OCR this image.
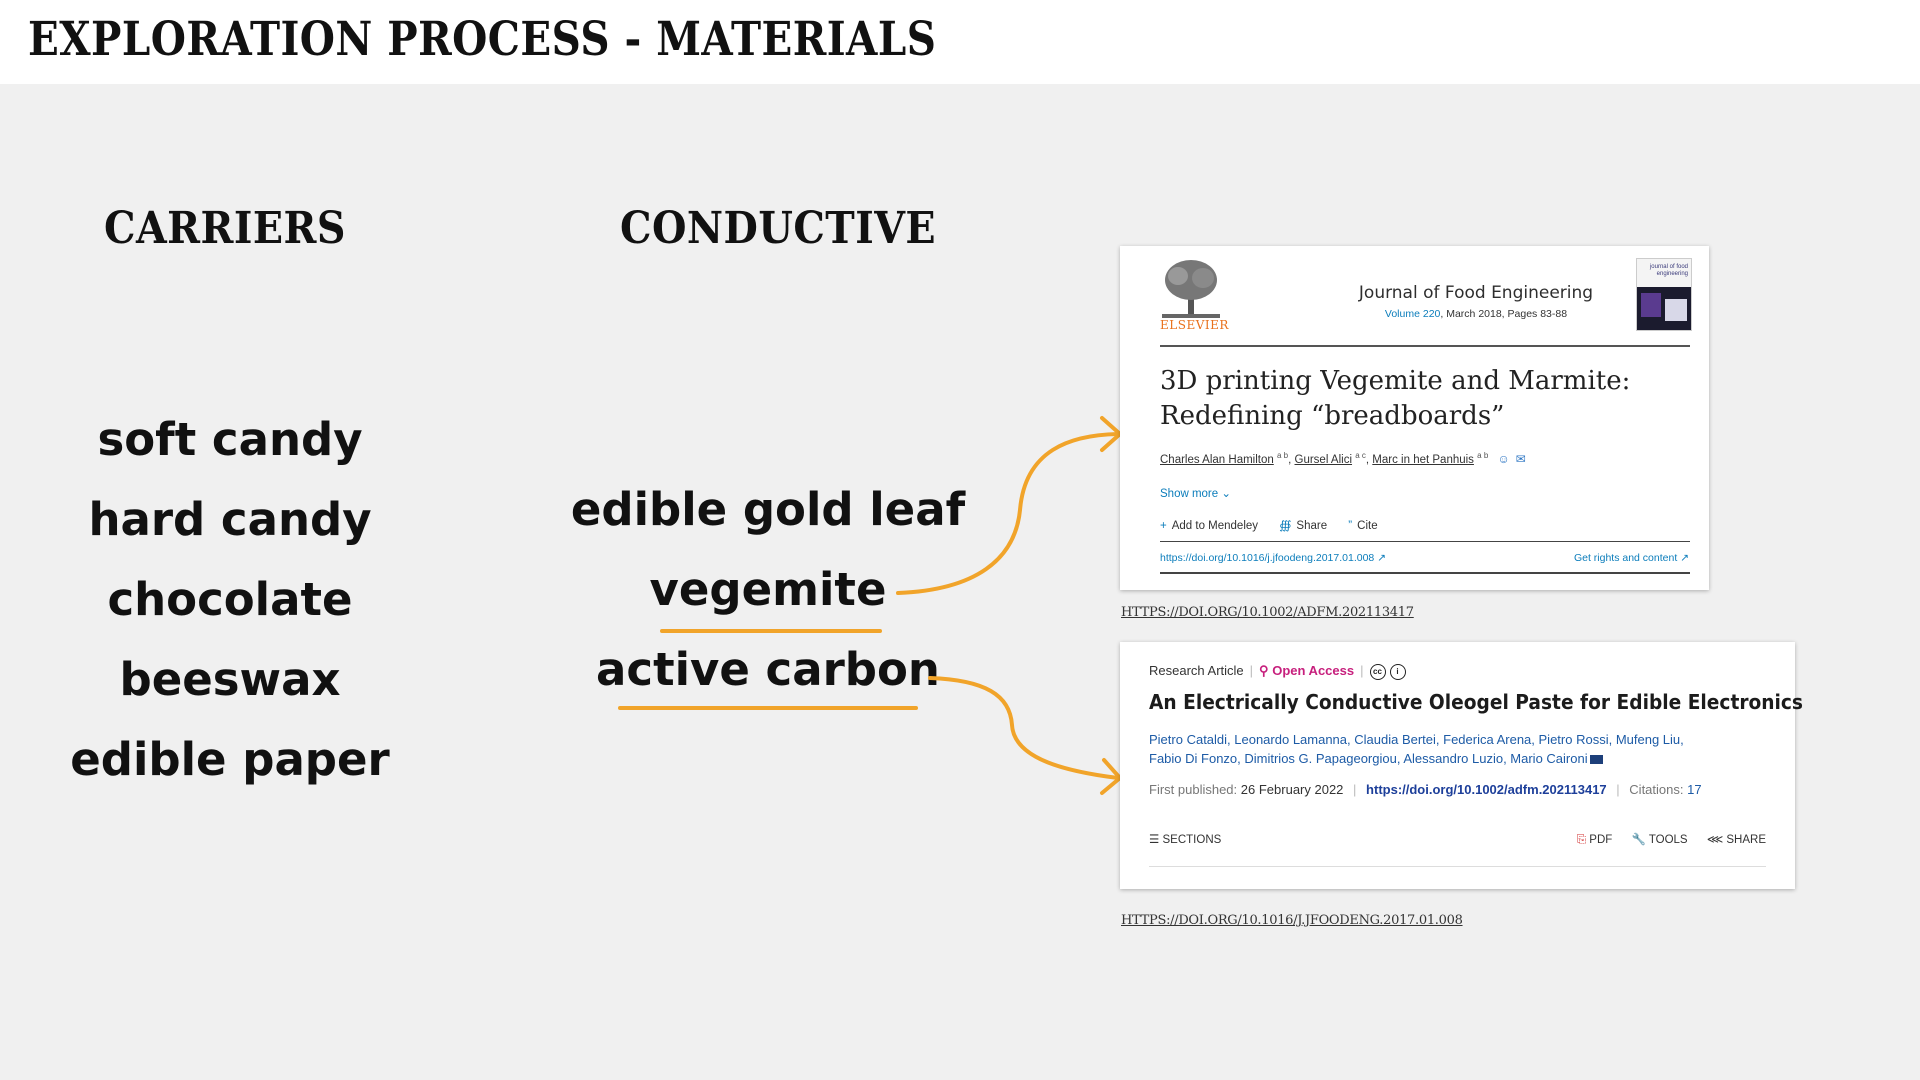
EXPLORATION PROCESS - MATERIALS
CARRIERS	CONDUCTIVE
soft candy
hard candy
chocolate
beeswax
edible paper
edible gold leaf
vegemite
active carbon
ELSEVIER
Journal of Food Engineering
Volume 220, March 2018, Pages 83-88
journal of food engineering
3D printing Vegemite and Marmite: Redefining “breadboards”
Charles Alan Hamilton $^{a b}$, Gursel Alici $^{a c}$, Marc in het Panhuis $^{a b}$ ☺ ✉
Show more ⌄
+ Add to Mendeley ∰ Share ” Cite
https://doi.org/10.1016/j.jfoodeng.2017.01.008 ↗	Get rights and content ↗
HTTPS://DOI.ORG/10.1002/ADFM.202113417
Research Article | ⚲ Open Access | cc i
An Electrically Conductive Oleogel Paste for Edible Electronics
Pietro Cataldi, Leonardo Lamanna, Claudia Bertei, Federica Arena, Pietro Rossi, Mufeng Liu,
Fabio Di Fonzo, Dimitrios G. Papageorgiou, Alessandro Luzio, Mario Caironi
First published: 26 February 2022 | https://doi.org/10.1002/adfm.202113417 | Citations: 17
☰ SECTIONS	⎘ PDF 🔧 TOOLS ⋘ SHARE
HTTPS://DOI.ORG/10.1016/J.JFOODENG.2017.01.008
